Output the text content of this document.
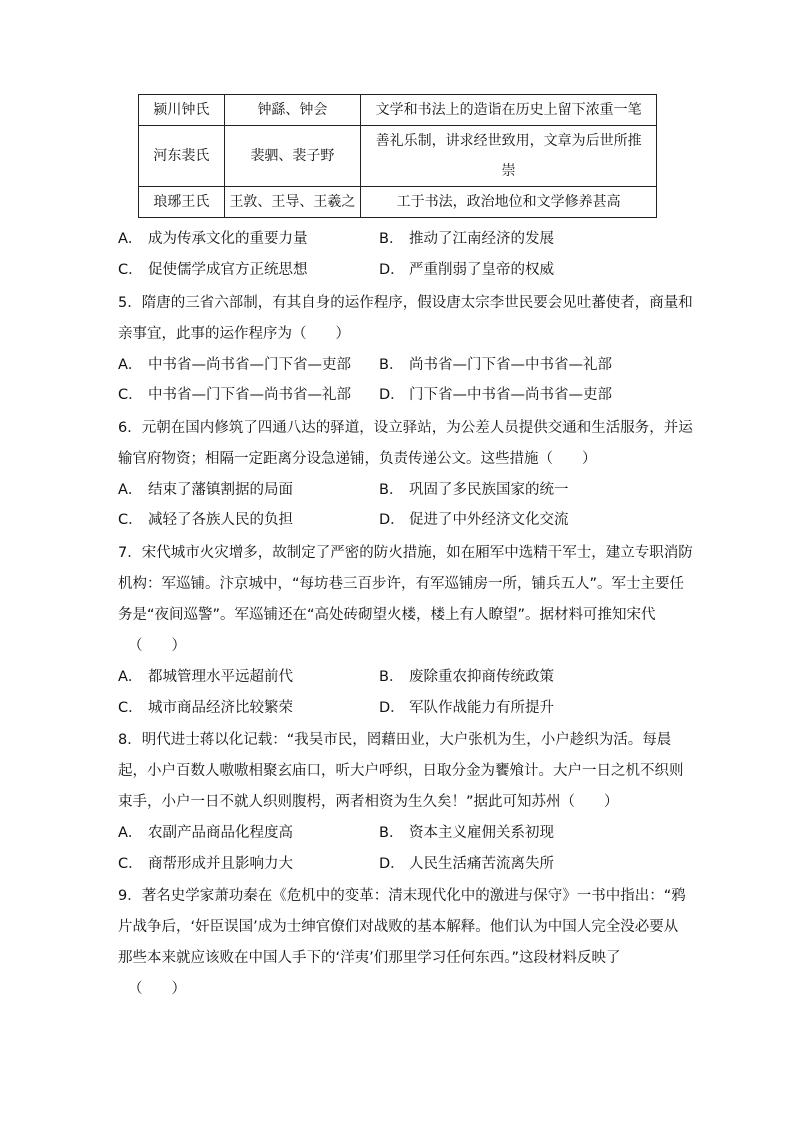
颍川钟氏	钟繇、钟会	文学和书法上的造诣在历史上留下浓重一笔
河东裴氏	裴驷、裴子野	善礼乐制，讲求经世致用，文章为后世所推
崇
琅琊王氏	王敦、王导、王羲之	工于书法，政治地位和文学修养甚高
A． 成为传承文化的重要力量	B． 推动了江南经济的发展
C． 促使儒学成官方正统思想	D． 严重削弱了皇帝的权威
5．隋唐的三省六部制，有其自身的运作程序，假设唐太宗李世民要会见吐蕃使者，商量和
亲事宜，此事的运作程序为（　　）
A． 中书省—尚书省—门下省—吏部 B． 尚书省—门下省—中书省—礼部
C． 中书省—门下省—尚书省—礼部 D． 门下省—中书省—尚书省—吏部
6．元朝在国内修筑了四通八达的驿道，设立驿站，为公差人员提供交通和生活服务，并运
输官府物资；相隔一定距离分设急递铺，负责传递公文。这些措施（　　）
A． 结束了藩镇割据的局面	B． 巩固了多民族国家的统一
C． 减轻了各族人民的负担	D． 促进了中外经济文化交流
7．宋代城市火灾增多，故制定了严密的防火措施，如在厢军中选精干军士，建立专职消防
机构：军巡铺。汴京城中，“每坊巷三百步许，有军巡铺房一所，铺兵五人”。军士主要任
务是“夜间巡警”。军巡铺还在“高处砖砌望火楼，楼上有人瞭望”。据材料可推知宋代
（　　）
A． 都城管理水平远超前代	B． 废除重农抑商传统政策
C． 城市商品经济比较繁荣	D． 军队作战能力有所提升
8．明代进士蒋以化记载：“我吴市民，罔藉田业，大户张机为生，小户趁织为活。每晨
起，小户百数人嗷嗷相聚玄庙口，听大户呼织，日取分金为饔飧计。大户一日之机不织则
束手，小户一日不就人织则腹枵，两者相资为生久矣！”据此可知苏州（　　）
A． 农副产品商品化程度高	B． 资本主义雇佣关系初现
C． 商帮形成并且影响力大	D． 人民生活痛苦流离失所
9．著名史学家萧功秦在《危机中的变革：清末现代化中的激进与保守》一书中指出：“鸦
片战争后，‘奸臣误国’成为士绅官僚们对战败的基本解释。他们认为中国人完全没必要从
那些本来就应该败在中国人手下的‘洋夷’们那里学习任何东西。”这段材料反映了
（　　）
